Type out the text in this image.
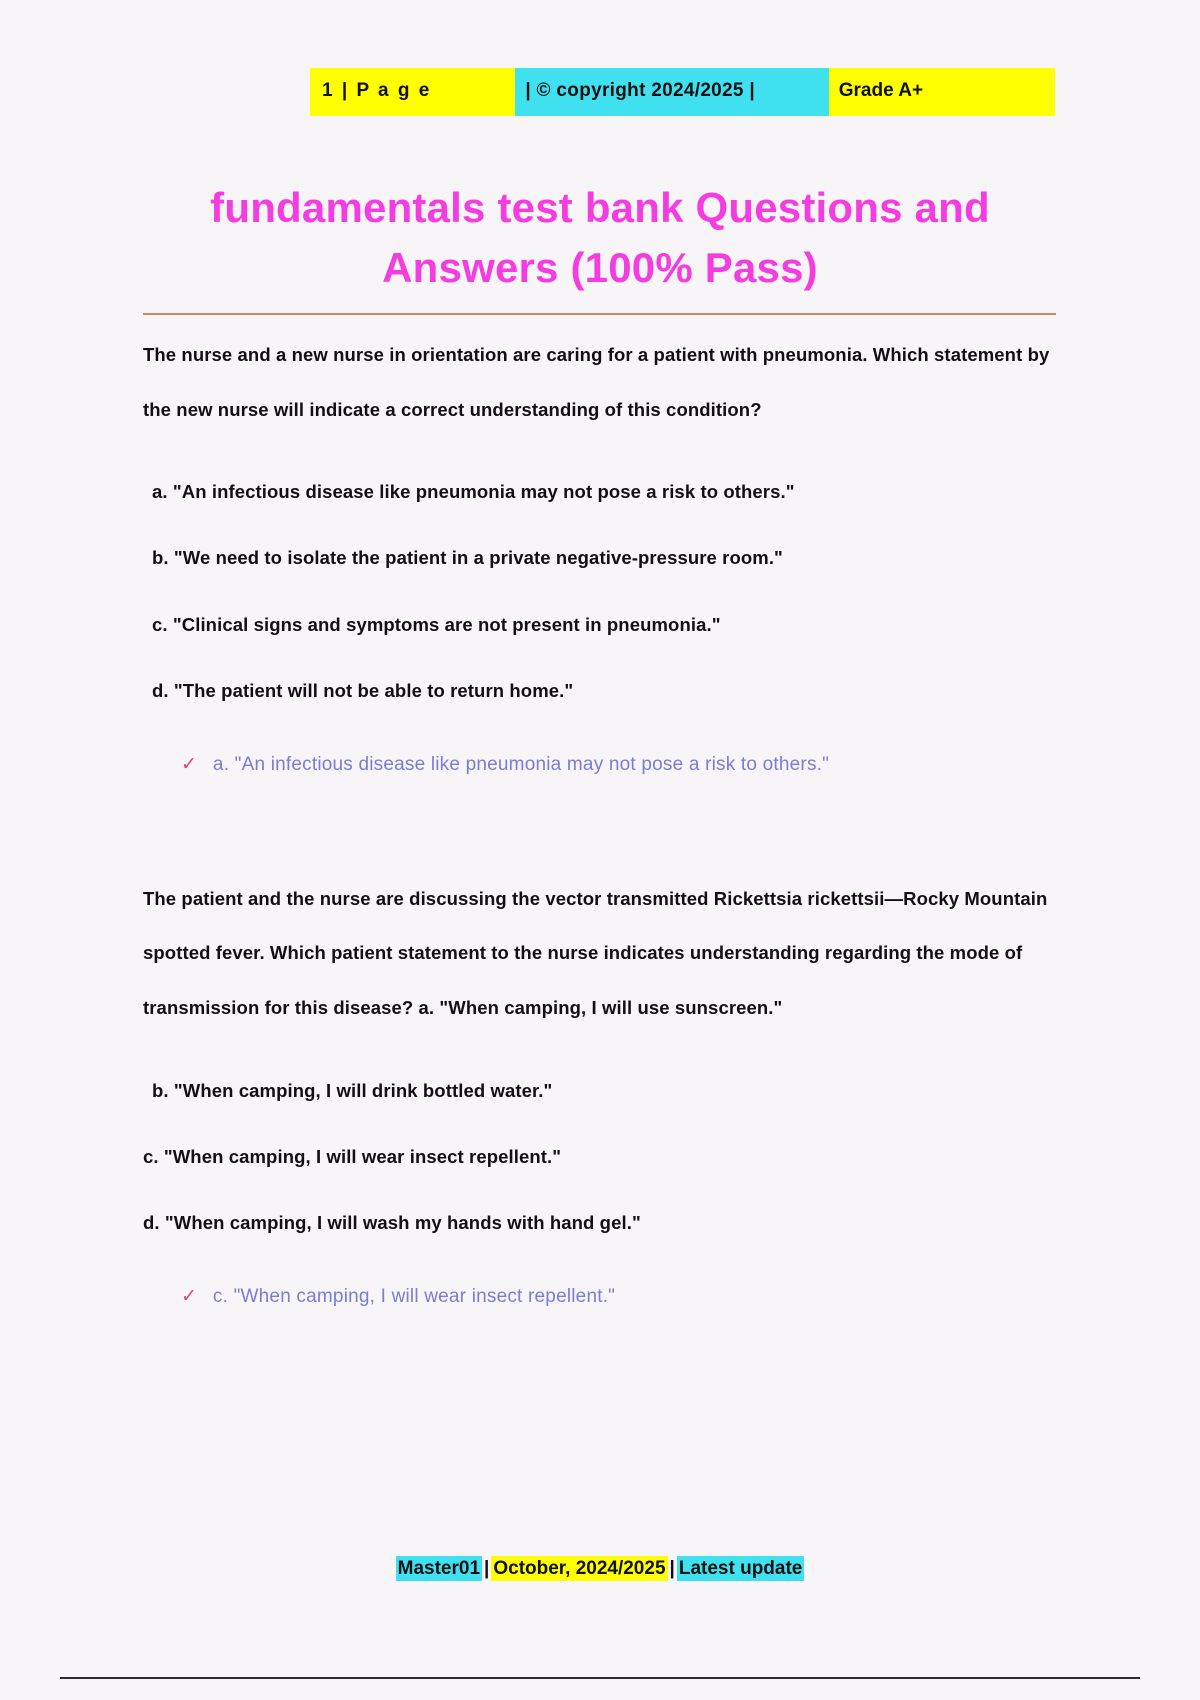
1 | P a g e	| © copyright 2024/2025 |	Grade A+
fundamentals test bank Questions and Answers (100% Pass)
The nurse and a new nurse in orientation are caring for a patient with pneumonia. Which statement by the new nurse will indicate a correct understanding of this condition?
a. "An infectious disease like pneumonia may not pose a risk to others."
b. "We need to isolate the patient in a private negative-pressure room."
c. "Clinical signs and symptoms are not present in pneumonia."
d. "The patient will not be able to return home."
✓ a. "An infectious disease like pneumonia may not pose a risk to others."
The patient and the nurse are discussing the vector transmitted Rickettsia rickettsii—Rocky Mountain spotted fever. Which patient statement to the nurse indicates understanding regarding the mode of transmission for this disease? a. "When camping, I will use sunscreen."
b. "When camping, I will drink bottled water."
c. "When camping, I will wear insect repellent."
d. "When camping, I will wash my hands with hand gel."
✓ c. "When camping, I will wear insect repellent."
Master01 | October, 2024/2025 | Latest update
